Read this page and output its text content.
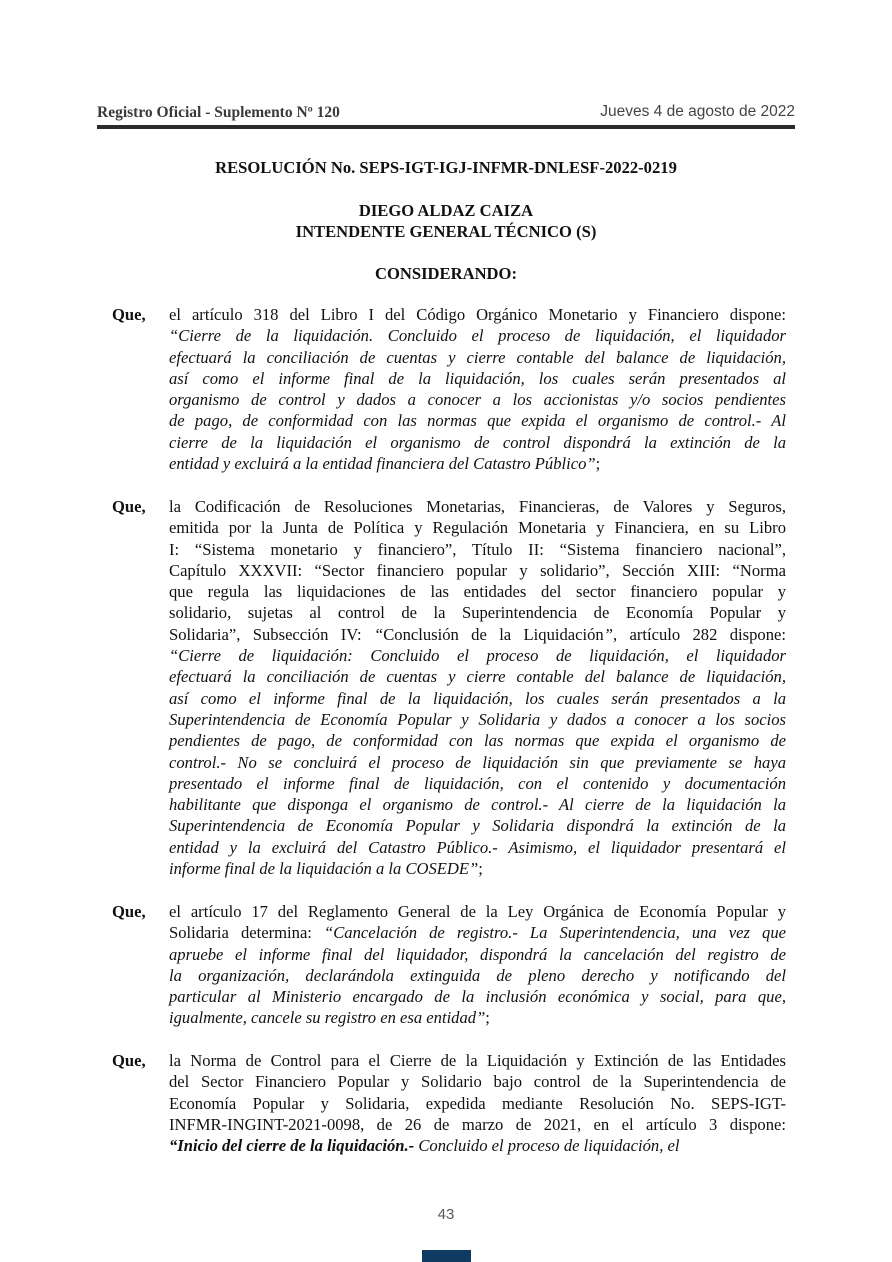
Registro Oficial - Suplemento Nº 120	Jueves 4 de agosto de 2022
RESOLUCIÓN No. SEPS-IGT-IGJ-INFMR-DNLESF-2022-0219
DIEGO ALDAZ CAIZA
INTENDENTE GENERAL TÉCNICO (S)
CONSIDERANDO:
Que, el artículo 318 del Libro I del Código Orgánico Monetario y Financiero dispone:
“Cierre de la liquidación. Concluido el proceso de liquidación, el liquidador
efectuará la conciliación de cuentas y cierre contable del balance de liquidación,
así como el informe final de la liquidación, los cuales serán presentados al
organismo de control y dados a conocer a los accionistas y/o socios pendientes
de pago, de conformidad con las normas que expida el organismo de control.- Al
cierre de la liquidación el organismo de control dispondrá la extinción de la
entidad y excluirá a la entidad financiera del Catastro Público”;
Que, la Codificación de Resoluciones Monetarias, Financieras, de Valores y Seguros,
emitida por la Junta de Política y Regulación Monetaria y Financiera, en su Libro
I: “Sistema monetario y financiero”, Título II: “Sistema financiero nacional”,
Capítulo XXXVII: “Sector financiero popular y solidario”, Sección XIII: “Norma
que regula las liquidaciones de las entidades del sector financiero popular y
solidario, sujetas al control de la Superintendencia de Economía Popular y
Solidaria”, Subsección IV: “Conclusión de la Liquidación”, artículo 282 dispone:
“Cierre de liquidación: Concluido el proceso de liquidación, el liquidador
efectuará la conciliación de cuentas y cierre contable del balance de liquidación,
así como el informe final de la liquidación, los cuales serán presentados a la
Superintendencia de Economía Popular y Solidaria y dados a conocer a los socios
pendientes de pago, de conformidad con las normas que expida el organismo de
control.- No se concluirá el proceso de liquidación sin que previamente se haya
presentado el informe final de liquidación, con el contenido y documentación
habilitante que disponga el organismo de control.- Al cierre de la liquidación la
Superintendencia de Economía Popular y Solidaria dispondrá la extinción de la
entidad y la excluirá del Catastro Público.- Asimismo, el liquidador presentará el
informe final de la liquidación a la COSEDE”;
Que, el artículo 17 del Reglamento General de la Ley Orgánica de Economía Popular y
Solidaria determina: “Cancelación de registro.- La Superintendencia, una vez que
apruebe el informe final del liquidador, dispondrá la cancelación del registro de
la organización, declarándola extinguida de pleno derecho y notificando del
particular al Ministerio encargado de la inclusión económica y social, para que,
igualmente, cancele su registro en esa entidad”;
Que, la Norma de Control para el Cierre de la Liquidación y Extinción de las Entidades
del Sector Financiero Popular y Solidario bajo control de la Superintendencia de
Economía Popular y Solidaria, expedida mediante Resolución No. SEPS-IGT-
INFMR-INGINT-2021-0098, de 26 de marzo de 2021, en el artículo 3 dispone:
“Inicio del cierre de la liquidación.- Concluido el proceso de liquidación, el
43
